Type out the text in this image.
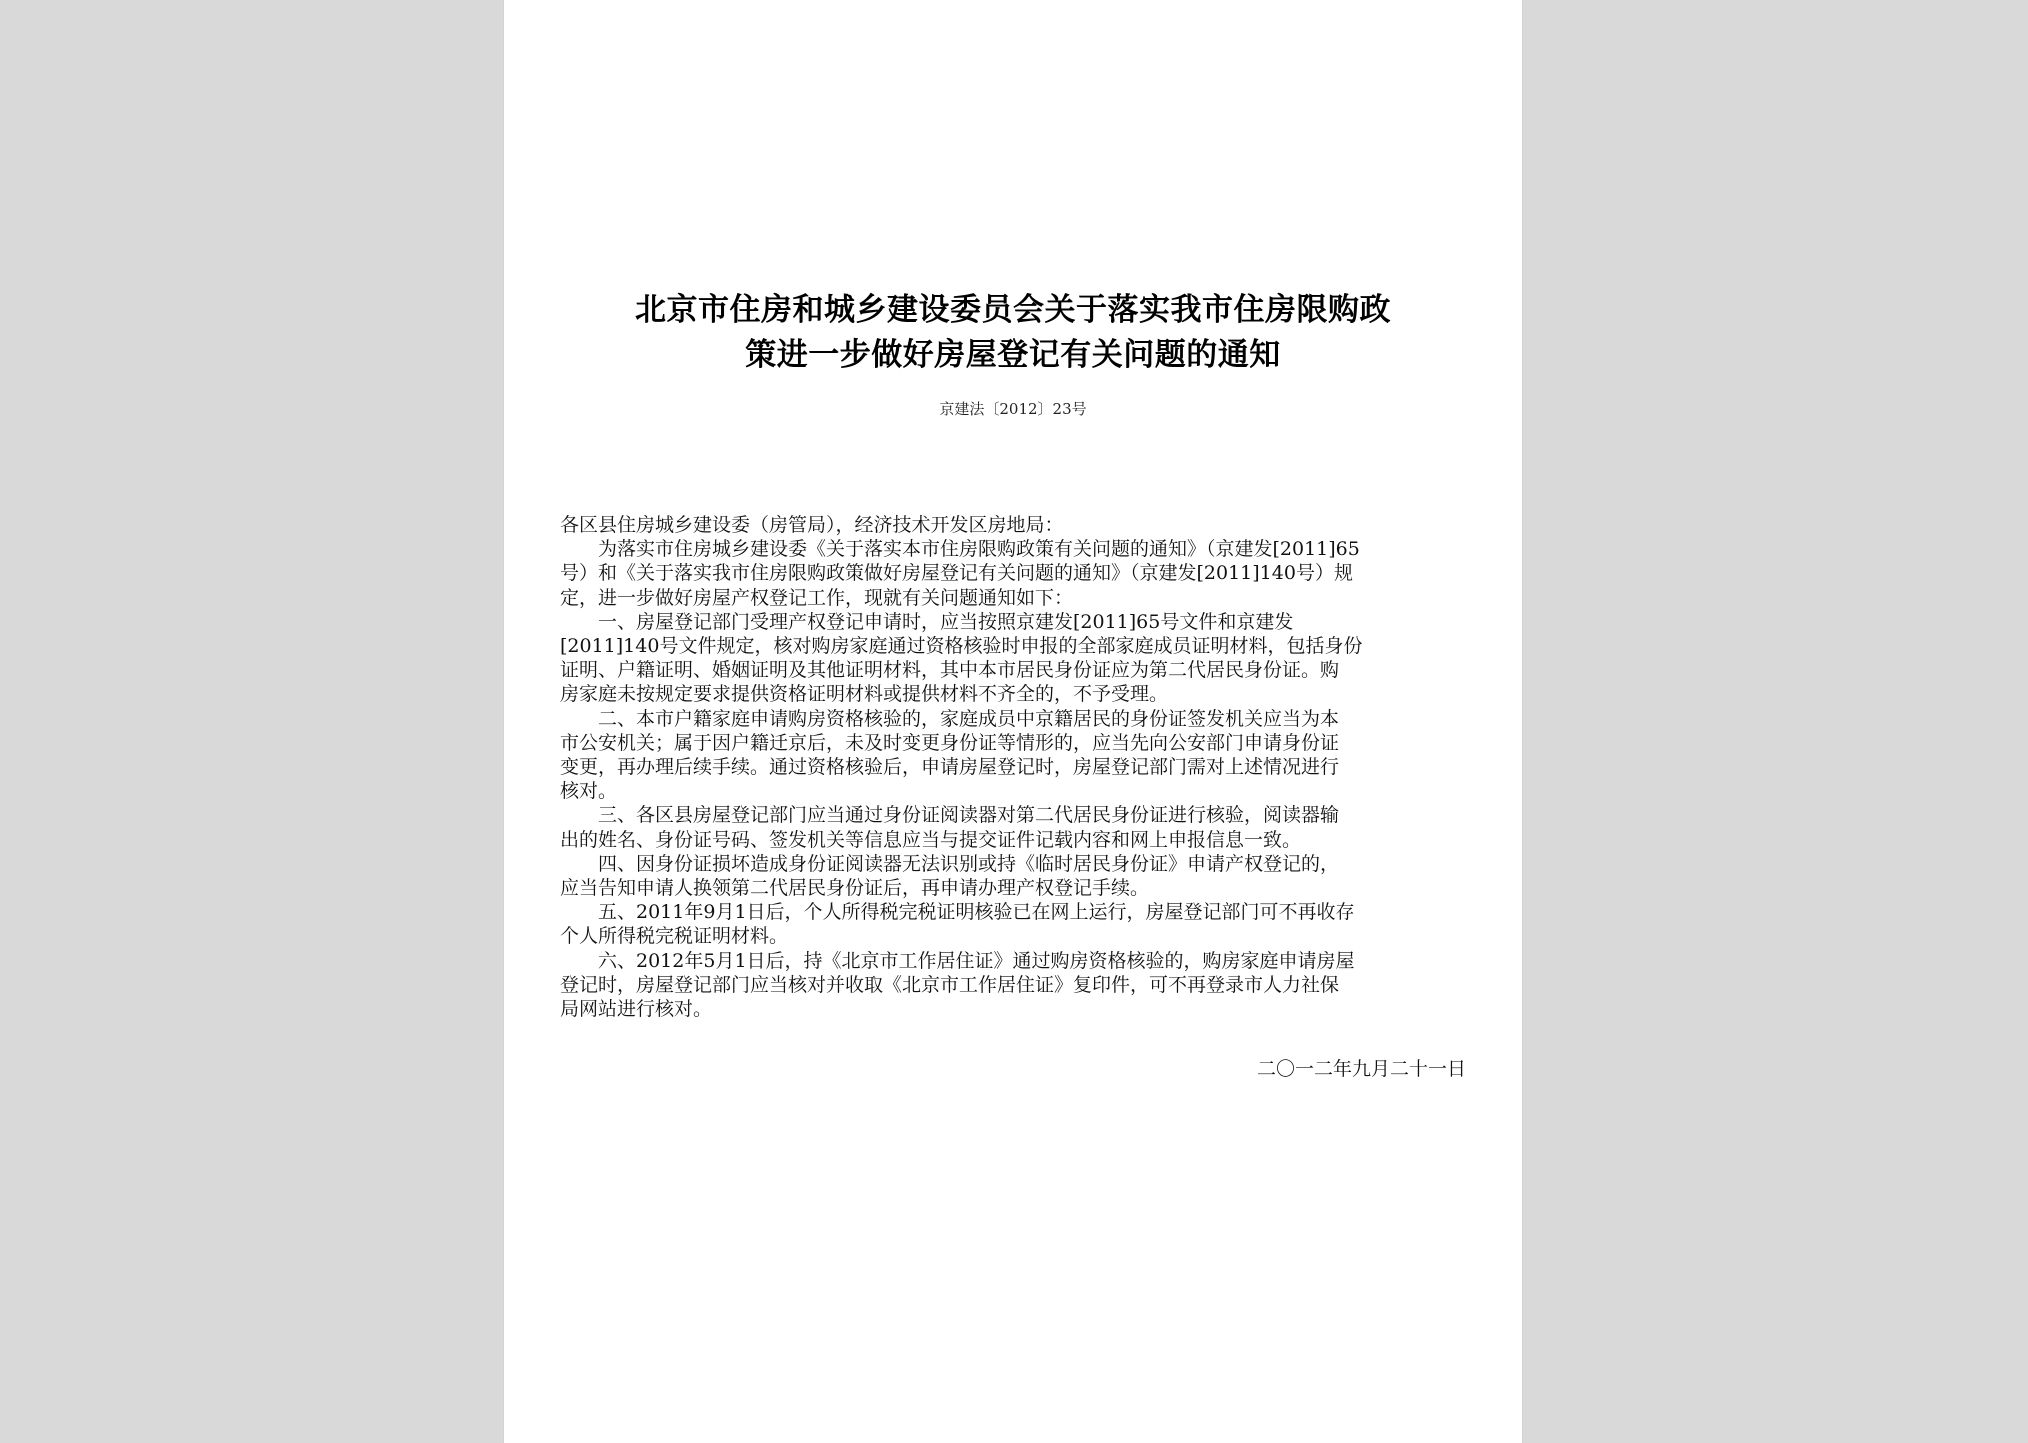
北京市住房和城乡建设委员会关于落实我市住房限购政
策进一步做好房屋登记有关问题的通知
京建法〔2012〕23号

各区县住房城乡建设委（房管局），经济技术开发区房地局：

为落实市住房城乡建设委《关于落实本市住房限购政策有关问题的通知》（京建发[2011]65

号）和《关于落实我市住房限购政策做好房屋登记有关问题的通知》（京建发[2011]140号）规

定，进一步做好房屋产权登记工作，现就有关问题通知如下：

一、房屋登记部门受理产权登记申请时，应当按照京建发[2011]65号文件和京建发

[2011]140号文件规定，核对购房家庭通过资格核验时申报的全部家庭成员证明材料，包括身份

证明、户籍证明、婚姻证明及其他证明材料，其中本市居民身份证应为第二代居民身份证。购

房家庭未按规定要求提供资格证明材料或提供材料不齐全的，不予受理。

二、本市户籍家庭申请购房资格核验的，家庭成员中京籍居民的身份证签发机关应当为本

市公安机关；属于因户籍迁京后，未及时变更身份证等情形的，应当先向公安部门申请身份证

变更，再办理后续手续。通过资格核验后，申请房屋登记时，房屋登记部门需对上述情况进行

核对。

三、各区县房屋登记部门应当通过身份证阅读器对第二代居民身份证进行核验，阅读器输

出的姓名、身份证号码、签发机关等信息应当与提交证件记载内容和网上申报信息一致。

四、因身份证损坏造成身份证阅读器无法识别或持《临时居民身份证》申请产权登记的，

应当告知申请人换领第二代居民身份证后，再申请办理产权登记手续。

五、2011年9月1日后，个人所得税完税证明核验已在网上运行，房屋登记部门可不再收存

个人所得税完税证明材料。

六、2012年5月1日后，持《北京市工作居住证》通过购房资格核验的，购房家庭申请房屋

登记时，房屋登记部门应当核对并收取《北京市工作居住证》复印件，可不再登录市人力社保

局网站进行核对。

二〇一二年九月二十一日
